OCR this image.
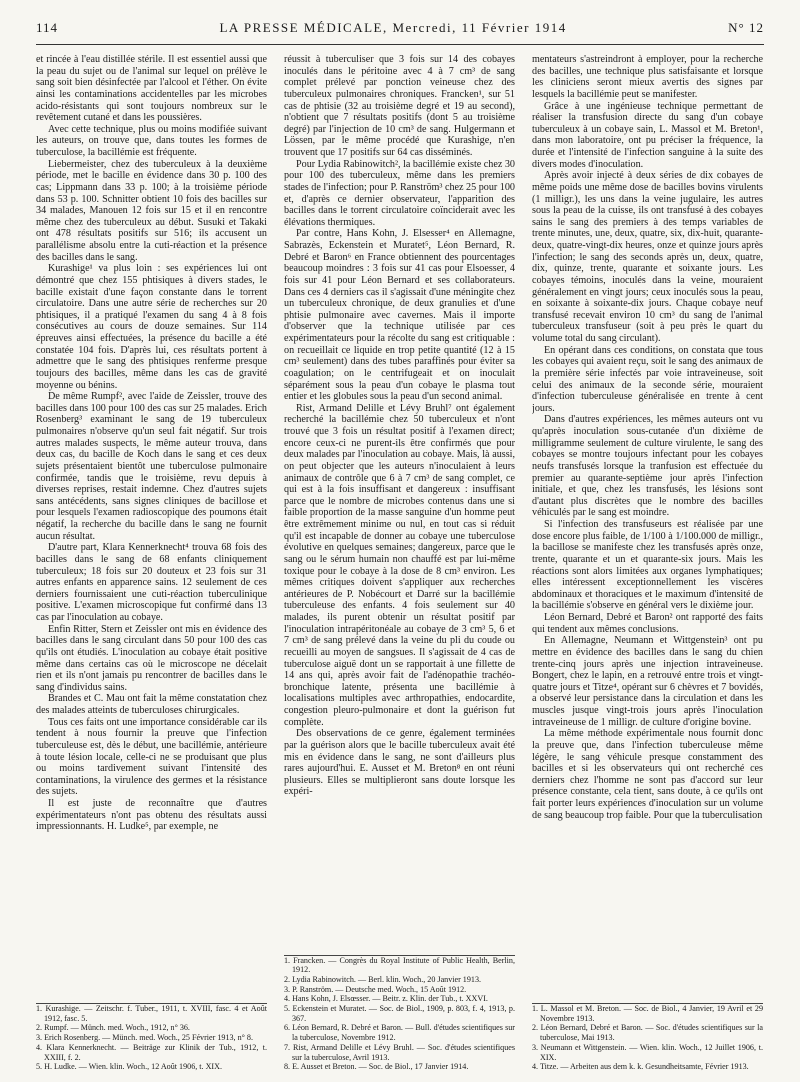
114	LA PRESSE MÉDICALE, Mercredi, 11 Février 1914	N° 12

et rincée à l'eau distillée stérile. Il est essentiel aussi que la peau du sujet ou de l'animal sur lequel on prélève le sang soit bien désinfectée par l'alcool et l'éther. On évite ainsi les contaminations accidentelles par les microbes acido-résistants qui sont toujours nombreux sur le revêtement cutané et dans les poussières.

Avec cette technique, plus ou moins modifiée suivant les auteurs, on trouve que, dans toutes les formes de tuberculose, la bacillémie est fréquente.

Liebermeister, chez des tuberculeux à la deuxième période, met le bacille en évidence dans 30 p. 100 des cas; Lippmann dans 33 p. 100; à la troisième période dans 53 p. 100. Schnitter obtient 10 fois des bacilles sur 34 malades, Manouen 12 fois sur 15 et il en rencontre même chez des tuberculeux au début. Susuki et Takaki ont 478 résultats positifs sur 516; ils accusent un parallélisme absolu entre la cuti-réaction et la présence des bacilles dans le sang.

Kurashige¹ va plus loin : ses expériences lui ont démontré que chez 155 phtisiques à divers stades, le bacille existait d'une façon constante dans le torrent circulatoire. Dans une autre série de recherches sur 20 phtisiques, il a pratiqué l'examen du sang 4 à 8 fois consécutives au cours de douze semaines. Sur 114 épreuves ainsi effectuées, la présence du bacille a été constatée 104 fois. D'après lui, ces résultats portent à admettre que le sang des phtisiques renferme presque toujours des bacilles, même dans les cas de gravité moyenne ou bénins.

De même Rumpf², avec l'aide de Zeissler, trouve des bacilles dans 100 pour 100 des cas sur 25 malades. Erich Rosenberg³ examinant le sang de 19 tuberculeux pulmonaires n'observe qu'un seul fait négatif. Sur trois autres malades suspects, le même auteur trouva, dans deux cas, du bacille de Koch dans le sang et ces deux sujets présentaient bientôt une tuberculose pulmonaire confirmée, tandis que le troisième, revu depuis à diverses reprises, restait indemne. Chez d'autres sujets sans antécédents, sans signes cliniques de bacillose et pour lesquels l'examen radioscopique des poumons était négatif, la recherche du bacille dans le sang ne fournit aucun résultat.

D'autre part, Klara Kennerknecht⁴ trouva 68 fois des bacilles dans le sang de 68 enfants cliniquement tuberculeux; 18 fois sur 20 douteux et 23 fois sur 31 autres enfants en apparence sains. 12 seulement de ces derniers fournissaient une cuti-réaction tuberculinique positive. L'examen microscopique fut confirmé dans 13 cas par l'inoculation au cobaye.

Enfin Ritter, Stern et Zeissler ont mis en évidence des bacilles dans le sang circulant dans 50 pour 100 des cas qu'ils ont étudiés. L'inoculation au cobaye était positive même dans certains cas où le microscope ne décelait rien et ils n'ont jamais pu rencontrer de bacilles dans le sang d'individus sains.

Brandes et C. Mau ont fait la même constatation chez des malades atteints de tuberculoses chirurgicales.

Tous ces faits ont une importance considérable car ils tendent à nous fournir la preuve que l'infection tuberculeuse est, dès le début, une bacillémie, antérieure à toute lésion locale, celle-ci ne se produisant que plus ou moins tardivement suivant l'intensité des contaminations, la virulence des germes et la résistance des sujets.

Il est juste de reconnaître que d'autres expérimentateurs n'ont pas obtenu des résultats aussi impressionnants. H. Ludke⁵, par exemple, ne

1. Kurashige. — Zeitschr. f. Tuber., 1911, t. XVIII, fasc. 4 et Août 1912, fasc. 5.
2. Rumpf. — Münch. med. Woch., 1912, n° 36.
3. Erich Rosenberg. — Münch. med. Woch., 25 Février 1913, n° 8.
4. Klara Kennerknecht. — Beiträge zur Klinik der Tub., 1912, t. XXIII, f. 2.
5. H. Ludke. — Wien. klin. Woch., 12 Août 1906, t. XIX.

réussit à tuberculiser que 3 fois sur 14 des cobayes inoculés dans le péritoine avec 4 à 7 cm³ de sang complet prélevé par ponction veineuse chez des tuberculeux pulmonaires chroniques. Francken¹, sur 51 cas de phtisie (32 au troisième degré et 19 au second), n'obtient que 7 résultats positifs (dont 5 au troisième degré) par l'injection de 10 cm³ de sang. Hulgermann et Lössen, par le même procédé que Kurashige, n'en trouvent que 17 positifs sur 64 cas disséminés.

Pour Lydia Rabinowitch², la bacillémie existe chez 30 pour 100 des tuberculeux, même dans les premiers stades de l'infection; pour P. Ranström³ chez 25 pour 100 et, d'après ce dernier observateur, l'apparition des bacilles dans le torrent circulatoire coïnciderait avec les élévations thermiques.

Par contre, Hans Kohn, J. Elsesser⁴ en Allemagne, Sabrazès, Eckenstein et Muratet⁵, Léon Bernard, R. Debré et Baron⁶ en France obtiennent des pourcentages beaucoup moindres : 3 fois sur 41 cas pour Elsoesser, 4 fois sur 41 pour Léon Bernard et ses collaborateurs. Dans ces 4 derniers cas il s'agissait d'une méningite chez un tuberculeux chronique, de deux granulies et d'une phtisie pulmonaire avec cavernes. Mais il importe d'observer que la technique utilisée par ces expérimentateurs pour la récolte du sang est critiquable : on recueillait ce liquide en trop petite quantité (12 à 15 cm³ seulement) dans des tubes paraffinés pour éviter sa coagulation; on le centrifugeait et on inoculait séparément sous la peau d'un cobaye le plasma tout entier et les globules sous la peau d'un second animal.

Rist, Armand Delille et Lévy Bruhl⁷ ont également recherché la bacillémie chez 50 tuberculeux et n'ont trouvé que 3 fois un résultat positif à l'examen direct; encore ceux-ci ne purent-ils être confirmés que pour deux malades par l'inoculation au cobaye. Mais, là aussi, on peut objecter que les auteurs n'inoculaient à leurs animaux de contrôle que 6 à 7 cm³ de sang complet, ce qui est à la fois insuffisant et dangereux : insuffisant parce que le nombre de microbes contenus dans une si faible proportion de la masse sanguine d'un homme peut être extrêmement minime ou nul, en tout cas si réduit qu'il est incapable de donner au cobaye une tuberculose évolutive en quelques semaines; dangereux, parce que le sang ou le sérum humain non chauffé est par lui-même toxique pour le cobaye à la dose de 8 cm³ environ. Les mêmes critiques doivent s'appliquer aux recherches antérieures de P. Nobécourt et Darré sur la bacillémie tuberculeuse des enfants. 4 fois seulement sur 40 malades, ils purent obtenir un résultat positif par l'inoculation intrapéritonéale au cobaye de 3 cm³ 5, 6 et 7 cm³ de sang prélevé dans la veine du pli du coude ou recueilli au moyen de sangsues. Il s'agissait de 4 cas de tuberculose aiguë dont un se rapportait à une fillette de 14 ans qui, après avoir fait de l'adénopathie trachéo-bronchique latente, présenta une bacillémie à localisations multiples avec arthropathies, endocardite, congestion pleuro-pulmonaire et dont la guérison fut complète.

Des observations de ce genre, également terminées par la guérison alors que le bacille tuberculeux avait été mis en évidence dans le sang, ne sont d'ailleurs plus rares aujourd'hui. E. Ausset et M. Breton⁸ en ont réuni plusieurs. Elles se multiplieront sans doute lorsque les expéri-

1. Francken. — Congrès du Royal Institute of Public Health, Berlin, 1912.
2. Lydia Rabinowitch. — Berl. klin. Woch., 20 Janvier 1913.
3. P. Ranström. — Deutsche med. Woch., 15 Août 1912.
4. Hans Kohn, J. Elsœsser. — Beitr. z. Klin. der Tub., t. XXVI.
5. Eckenstein et Muratet. — Soc. de Biol., 1909, p. 803, f. 4, 1913, p. 367.
6. Léon Bernard, R. Debré et Baron. — Bull. d'études scientifiques sur la tuberculose, Novembre 1912.
7. Rist, Armand Delille et Lévy Bruhl. — Soc. d'études scientifiques sur la tuberculose, Avril 1913.
8. E. Ausset et Breton. — Soc. de Biol., 17 Janvier 1914.

mentateurs s'astreindront à employer, pour la recherche des bacilles, une technique plus satisfaisante et lorsque les cliniciens seront mieux avertis des signes par lesquels la bacillémie peut se manifester.

Grâce à une ingénieuse technique permettant de réaliser la transfusion directe du sang d'un cobaye tuberculeux à un cobaye sain, L. Massol et M. Breton¹, dans mon laboratoire, ont pu préciser la fréquence, la durée et l'intensité de l'infection sanguine à la suite des divers modes d'inoculation.

Après avoir injecté à deux séries de dix cobayes de même poids une même dose de bacilles bovins virulents (1 milligr.), les uns dans la veine jugulaire, les autres sous la peau de la cuisse, ils ont transfusé à des cobayes sains le sang des premiers à des temps variables de trente minutes, une, deux, quatre, six, dix-huit, quarante-deux, quatre-vingt-dix heures, onze et quinze jours après l'infection; le sang des seconds après un, deux, quatre, dix, quinze, trente, quarante et soixante jours. Les cobayes témoins, inoculés dans la veine, mouraient généralement en vingt jours; ceux inoculés sous la peau, en soixante à soixante-dix jours. Chaque cobaye neuf transfusé recevait environ 10 cm³ du sang de l'animal tuberculeux transfuseur (soit à peu près le quart du volume total du sang circulant).

En opérant dans ces conditions, on constata que tous les cobayes qui avaient reçu, soit le sang des animaux de la première série infectés par voie intraveineuse, soit celui des animaux de la seconde série, mouraient d'infection tuberculeuse généralisée en trente à cent jours.

Dans d'autres expériences, les mêmes auteurs ont vu qu'après inoculation sous-cutanée d'un dixième de milligramme seulement de culture virulente, le sang des cobayes se montre toujours infectant pour les cobayes neufs transfusés lorsque la tranfusion est effectuée du premier au quarante-septième jour après l'infection initiale, et que, chez les transfusés, les lésions sont d'autant plus discrètes que le nombre des bacilles véhiculés par le sang est moindre.

Si l'infection des transfuseurs est réalisée par une dose encore plus faible, de 1/100 à 1/100.000 de milligr., la bacillose se manifeste chez les transfusés après onze, trente, quarante et un et quarante-six jours. Mais les réactions sont alors limitées aux organes lymphatiques; elles intéressent exceptionnellement les viscères abdominaux et thoraciques et le maximum d'intensité de la bacillémie s'observe en général vers le dixième jour.

Léon Bernard, Debré et Baron² ont rapporté des faits qui tendent aux mêmes conclusions.

En Allemagne, Neumann et Wittgenstein³ ont pu mettre en évidence des bacilles dans le sang du chien trente-cinq jours après une injection intraveineuse. Bongert, chez le lapin, en a retrouvé entre trois et vingt-quatre jours et Titze⁴, opérant sur 6 chèvres et 7 bovidés, a observé leur persistance dans la circulation et dans les muscles jusque vingt-trois jours après l'inoculation intraveineuse de 1 milligr. de culture d'origine bovine.

La même méthode expérimentale nous fournit donc la preuve que, dans l'infection tuberculeuse même légère, le sang véhicule presque constamment des bacilles et si les observateurs qui ont recherché ces derniers chez l'homme ne sont pas d'accord sur leur présence constante, cela tient, sans doute, à ce qu'ils ont fait porter leurs expériences d'inoculation sur un volume de sang beaucoup trop faible. Pour que la tuberculisation

1. L. Massol et M. Breton. — Soc. de Biol., 4 Janvier, 19 Avril et 29 Novembre 1913.
2. Léon Bernard, Debré et Baron. — Soc. d'études scientifiques sur la tuberculose, Mai 1913.
3. Neumann et Wittgenstein. — Wien. klin. Woch., 12 Juillet 1906, t. XIX.
4. Titze. — Arbeiten aus dem k. k. Gesundheitsamte, Février 1913.
